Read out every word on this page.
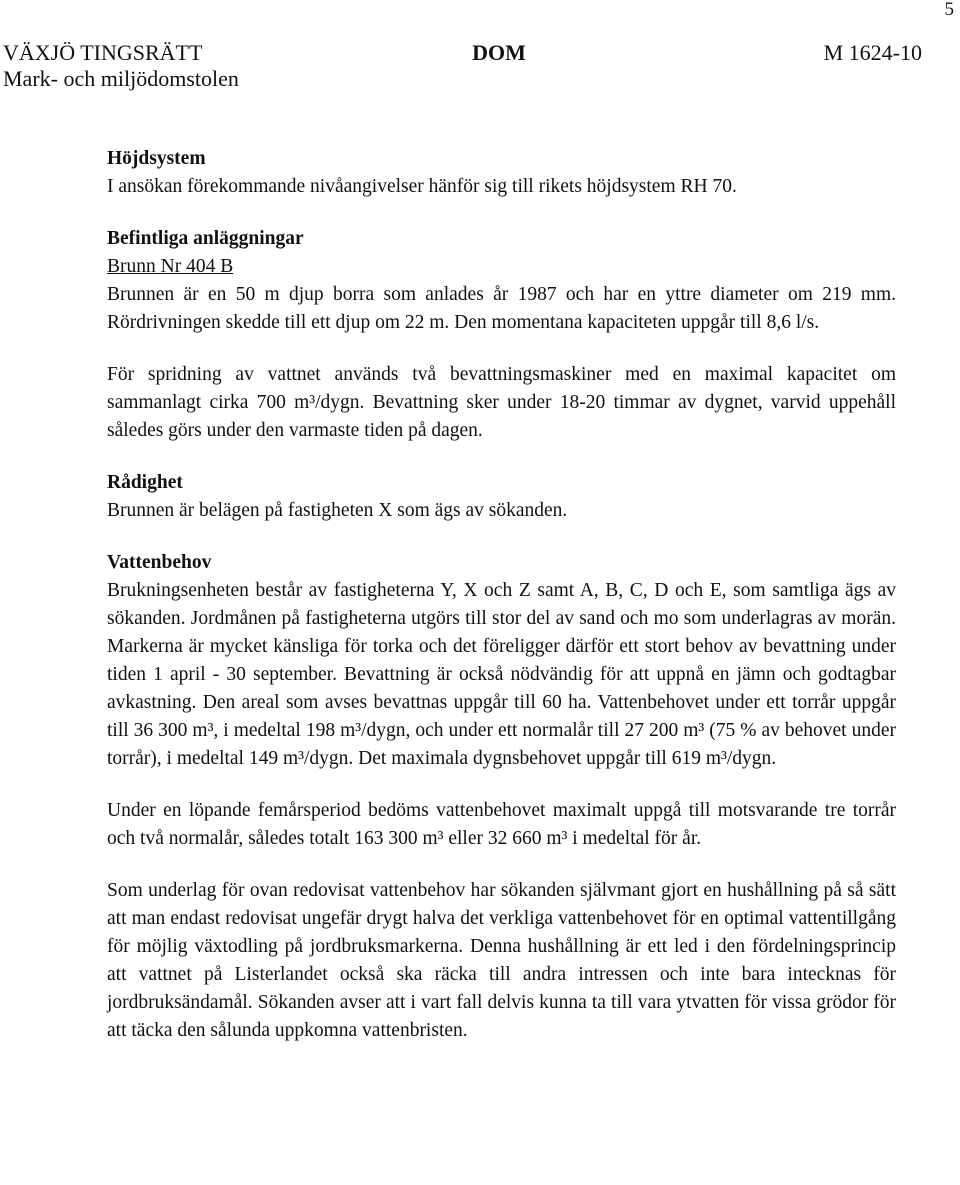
5
VÄXJÖ TINGSRÄTT	DOM	M 1624-10
Mark- och miljödomstolen
Höjdsystem

I ansökan förekommande nivåangivelser hänför sig till rikets höjdsystem RH 70.

Befintliga anläggningar

Brunn Nr 404 B

Brunnen är en 50 m djup borra som anlades år 1987 och har en yttre diameter om 219 mm. Rördrivningen skedde till ett djup om 22 m. Den momentana kapaciteten uppgår till 8,6 l/s.

För spridning av vattnet används två bevattningsmaskiner med en maximal kapacitet om sammanlagt cirka 700 m³/dygn. Bevattning sker under 18-20 timmar av dygnet, varvid uppehåll således görs under den varmaste tiden på dagen.

Rådighet

Brunnen är belägen på fastigheten X som ägs av sökanden.

Vattenbehov

Brukningsenheten består av fastigheterna Y, X och Z samt A, B, C, D och E, som samtliga ägs av sökanden. Jordmånen på fastigheterna utgörs till stor del av sand och mo som underlagras av morän. Markerna är mycket känsliga för torka och det föreligger därför ett stort behov av bevattning under tiden 1 april - 30 september. Bevattning är också nödvändig för att uppnå en jämn och godtagbar avkastning. Den areal som avses bevattnas uppgår till 60 ha. Vattenbehovet under ett torrår uppgår till 36 300 m³, i medeltal 198 m³/dygn, och under ett normalår till 27 200 m³ (75 % av behovet under torrår), i medeltal 149 m³/dygn. Det maximala dygnsbehovet uppgår till 619 m³/dygn.

Under en löpande femårsperiod bedöms vattenbehovet maximalt uppgå till motsvarande tre torrår och två normalår, således totalt 163 300 m³ eller 32 660 m³ i medeltal för år.

Som underlag för ovan redovisat vattenbehov har sökanden självmant gjort en hushållning på så sätt att man endast redovisat ungefär drygt halva det verkliga vattenbehovet för en optimal vattentillgång för möjlig växtodling på jordbruksmarkerna. Denna hushållning är ett led i den fördelningsprincip att vattnet på Listerlandet också ska räcka till andra intressen och inte bara intecknas för jordbruksändamål. Sökanden avser att i vart fall delvis kunna ta till vara ytvatten för vissa grödor för att täcka den sålunda uppkomna vattenbristen.
